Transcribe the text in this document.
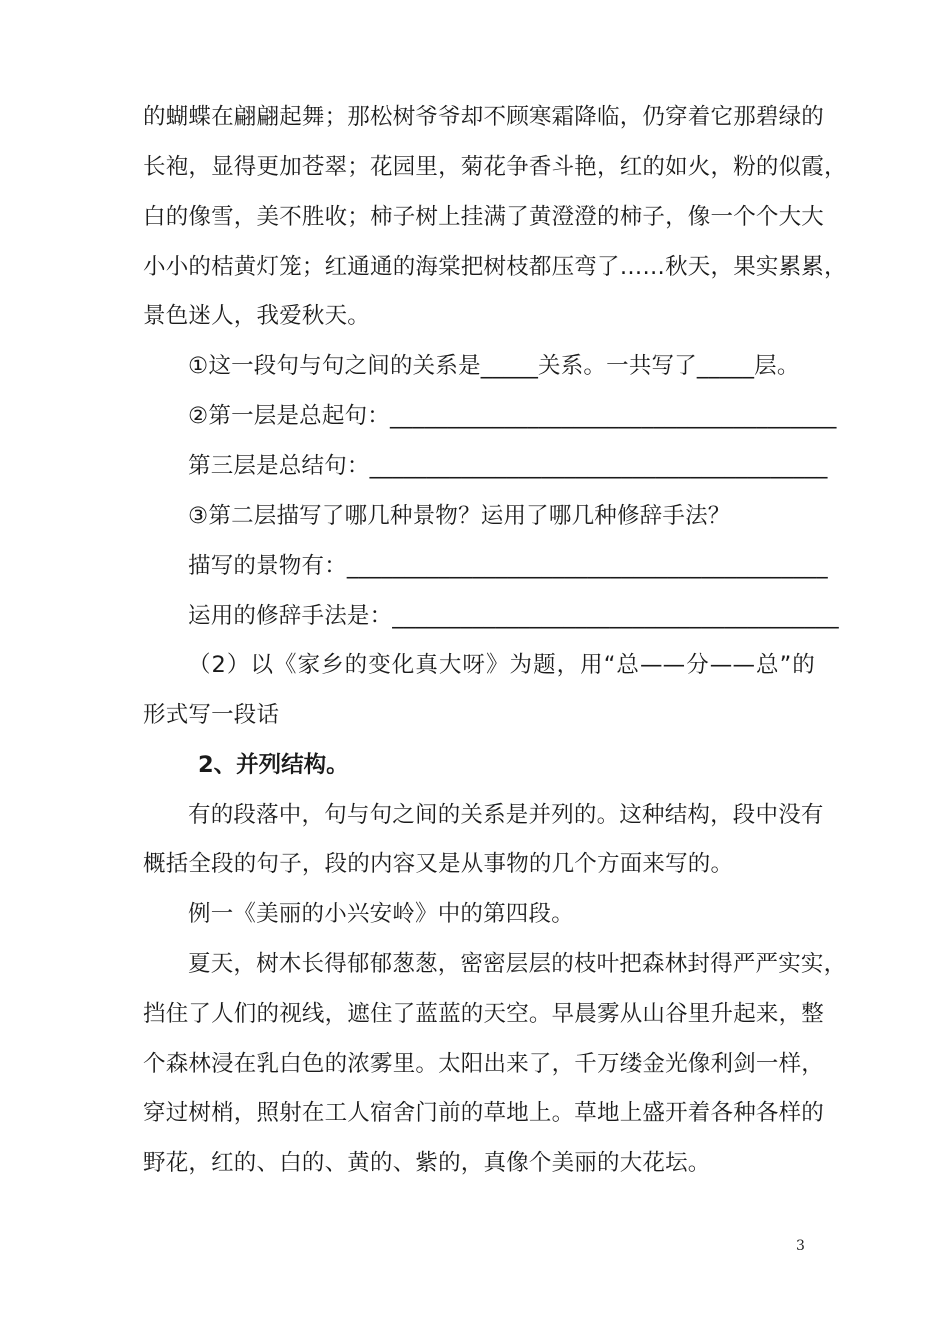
的蝴蝶在翩翩起舞；那松树爷爷却不顾寒霜降临，仍穿着它那碧绿的
长袍，显得更加苍翠；花园里，菊花争香斗艳，红的如火，粉的似霞，
白的像雪，美不胜收；柿子树上挂满了黄澄澄的柿子，像一个个大大
小小的桔黄灯笼；红通通的海棠把树枝都压弯了……秋天，果实累累，
景色迷人，我爱秋天。
①这一段句与句之间的关系是_____关系。一共写了_____层。
②第一层是总起句：_______________________________________
第三层是总结句：________________________________________
③第二层描写了哪几种景物？运用了哪几种修辞手法？
描写的景物有：__________________________________________
运用的修辞手法是：_______________________________________
（2）以《家乡的变化真大呀》为题，用“总——分——总”的
形式写一段话
2、并列结构。
有的段落中，句与句之间的关系是并列的。这种结构，段中没有
概括全段的句子，段的内容又是从事物的几个方面来写的。
例一《美丽的小兴安岭》中的第四段。
夏天，树木长得郁郁葱葱，密密层层的枝叶把森林封得严严实实，
挡住了人们的视线，遮住了蓝蓝的天空。早晨雾从山谷里升起来，整
个森林浸在乳白色的浓雾里。太阳出来了，千万缕金光像利剑一样，
穿过树梢，照射在工人宿舍门前的草地上。草地上盛开着各种各样的
野花，红的、白的、黄的、紫的，真像个美丽的大花坛。
3
